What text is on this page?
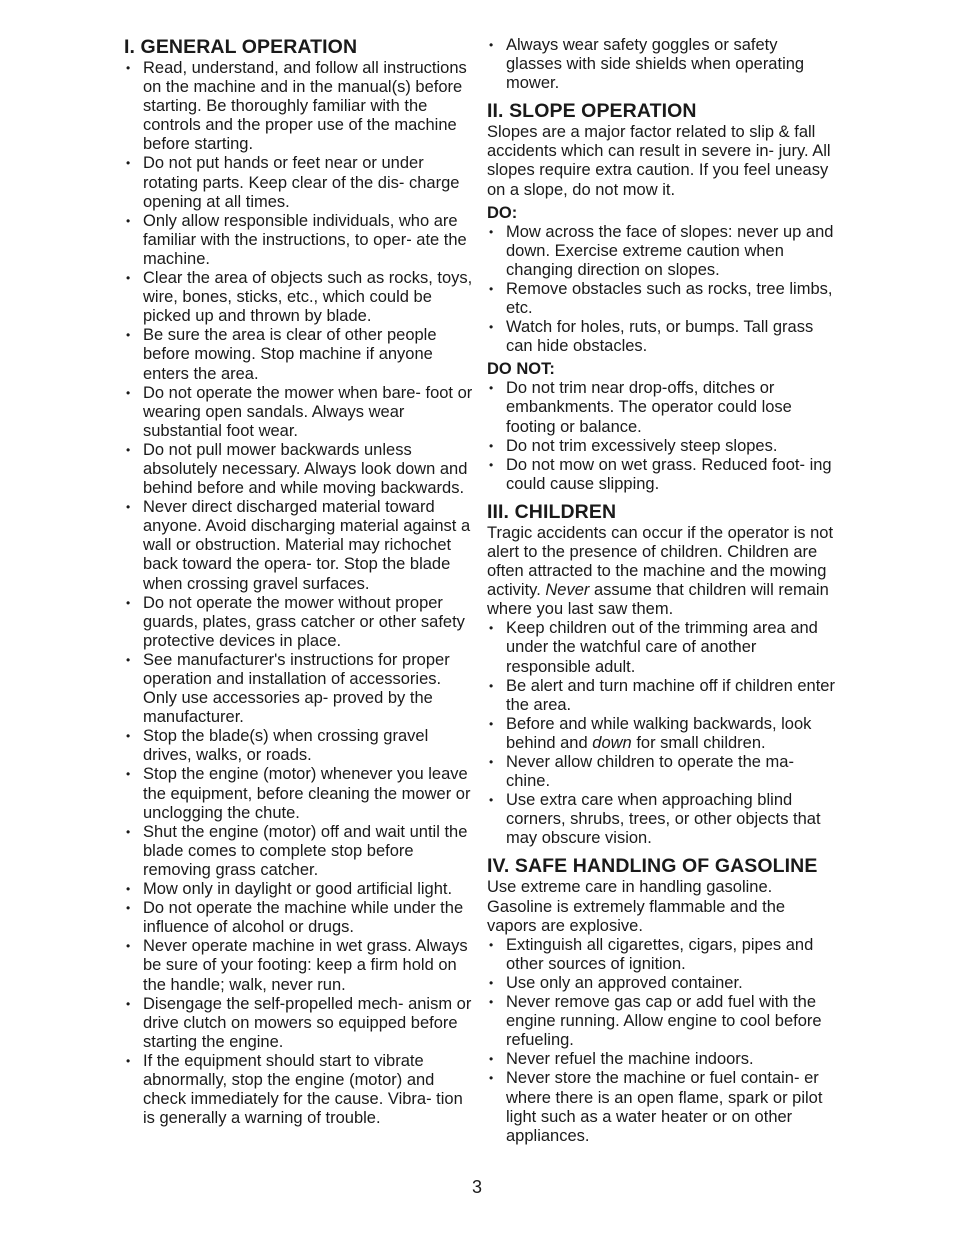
I. GENERAL OPERATION
• Read, understand, and follow all instructions on the machine and in the manual(s) before starting. Be thoroughly familiar with the controls and the proper use of the machine before starting.
• Do not put hands or feet near or under rotating parts. Keep clear of the dis- charge opening at all times.
• Only allow responsible individuals, who are familiar with the instructions, to oper- ate the machine.
• Clear the area of objects such as rocks, toys, wire, bones, sticks, etc., which could be picked up and thrown by blade.
• Be sure the area is clear of other people before mowing. Stop machine if anyone enters the area.
• Do not operate the mower when bare- foot or wearing open sandals. Always wear substantial foot wear.
• Do not pull mower backwards unless absolutely necessary. Always look down and behind before and while moving backwards.
• Never direct discharged material toward anyone. Avoid discharging material against a wall or obstruction. Material may richochet back toward the opera- tor. Stop the blade when crossing gravel surfaces.
• Do not operate the mower without proper guards, plates, grass catcher or other safety protective devices in place.
• See manufacturer's instructions for proper operation and installation of accessories. Only use accessories ap- proved by the manufacturer.
• Stop the blade(s) when crossing gravel drives, walks, or roads.
• Stop the engine (motor) whenever you leave the equipment, before cleaning the mower or unclogging the chute.
• Shut the engine (motor) off and wait until the blade comes to complete stop before removing grass catcher.
• Mow only in daylight or good artificial light.
• Do not operate the machine while under the influence of alcohol or drugs.
• Never operate machine in wet grass. Always be sure of your footing: keep a firm hold on the handle; walk, never run.
• Disengage the self-propelled mech- anism or drive clutch on mowers so equipped before starting the engine.
• If the equipment should start to vibrate abnormally, stop the engine (motor) and check immediately for the cause. Vibra- tion is generally a warning of trouble.
• Always wear safety goggles or safety glasses with side shields when operating mower.
II. SLOPE OPERATION

Slopes are a major factor related to slip & fall accidents which can result in severe in- jury. All slopes require extra caution. If you feel uneasy on a slope, do not mow it.

DO:
• Mow across the face of slopes: never up and down. Exercise extreme caution when changing direction on slopes.
• Remove obstacles such as rocks, tree limbs, etc.
• Watch for holes, ruts, or bumps. Tall grass can hide obstacles.
DO NOT:
• Do not trim near drop-offs, ditches or embankments. The operator could lose footing or balance.
• Do not trim excessively steep slopes.
• Do not mow on wet grass. Reduced foot- ing could cause slipping.
III. CHILDREN

Tragic accidents can occur if the operator is not alert to the presence of children. Children are often attracted to the machine and the mowing activity. Never assume that children will remain where you last saw them.

• Keep children out of the trimming area and under the watchful care of another responsible adult.
• Be alert and turn machine off if children enter the area.
• Before and while walking backwards, look behind and down for small children.
• Never allow children to operate the ma- chine.
• Use extra care when approaching blind corners, shrubs, trees, or other objects that may obscure vision.
IV. SAFE HANDLING OF GASOLINE

Use extreme care in handling gasoline. Gasoline is extremely flammable and the vapors are explosive.

• Extinguish all cigarettes, cigars, pipes and other sources of ignition.
• Use only an approved container.
• Never remove gas cap or add fuel with the engine running. Allow engine to cool before refueling.
• Never refuel the machine indoors.
• Never store the machine or fuel contain- er where there is an open flame, spark or pilot light such as a water heater or on other appliances.
3
